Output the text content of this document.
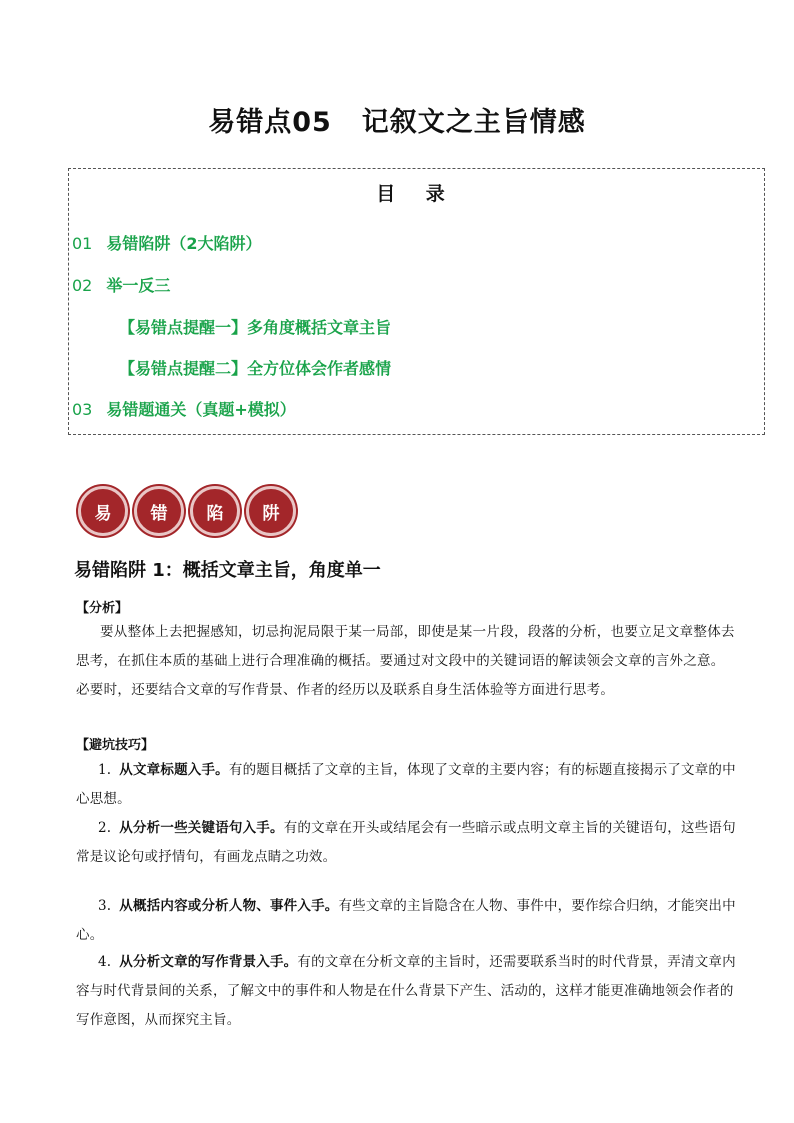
易错点05 记叙文之主旨情感
目 录
01 易错陷阱（2大陷阱）
02 举一反三
【易错点提醒一】多角度概括文章主旨
【易错点提醒二】全方位体会作者感情
03 易错题通关（真题+模拟）
易	错	陷	阱
易错陷阱 1：概括文章主旨，角度单一
【分析】

要从整体上去把握感知，切忌拘泥局限于某一局部，即使是某一片段，段落的分析，也要立足文章整体去思考，在抓住本质的基础上进行合理准确的概括。要通过对文段中的关键词语的解读领会文章的言外之意。必要时，还要结合文章的写作背景、作者的经历以及联系自身生活体验等方面进行思考。

【避坑技巧】

1. 从文章标题入手。有的题目概括了文章的主旨，体现了文章的主要内容；有的标题直接揭示了文章的中心思想。

2. 从分析一些关键语句入手。有的文章在开头或结尾会有一些暗示或点明文章主旨的关键语句，这些语句常是议论句或抒情句，有画龙点睛之功效。

3. 从概括内容或分析人物、事件入手。有些文章的主旨隐含在人物、事件中，要作综合归纳，才能突出中心。

4. 从分析文章的写作背景入手。有的文章在分析文章的主旨时，还需要联系当时的时代背景，弄清文章内容与时代背景间的关系，了解文中的事件和人物是在什么背景下产生、活动的，这样才能更准确地领会作者的写作意图，从而探究主旨。
